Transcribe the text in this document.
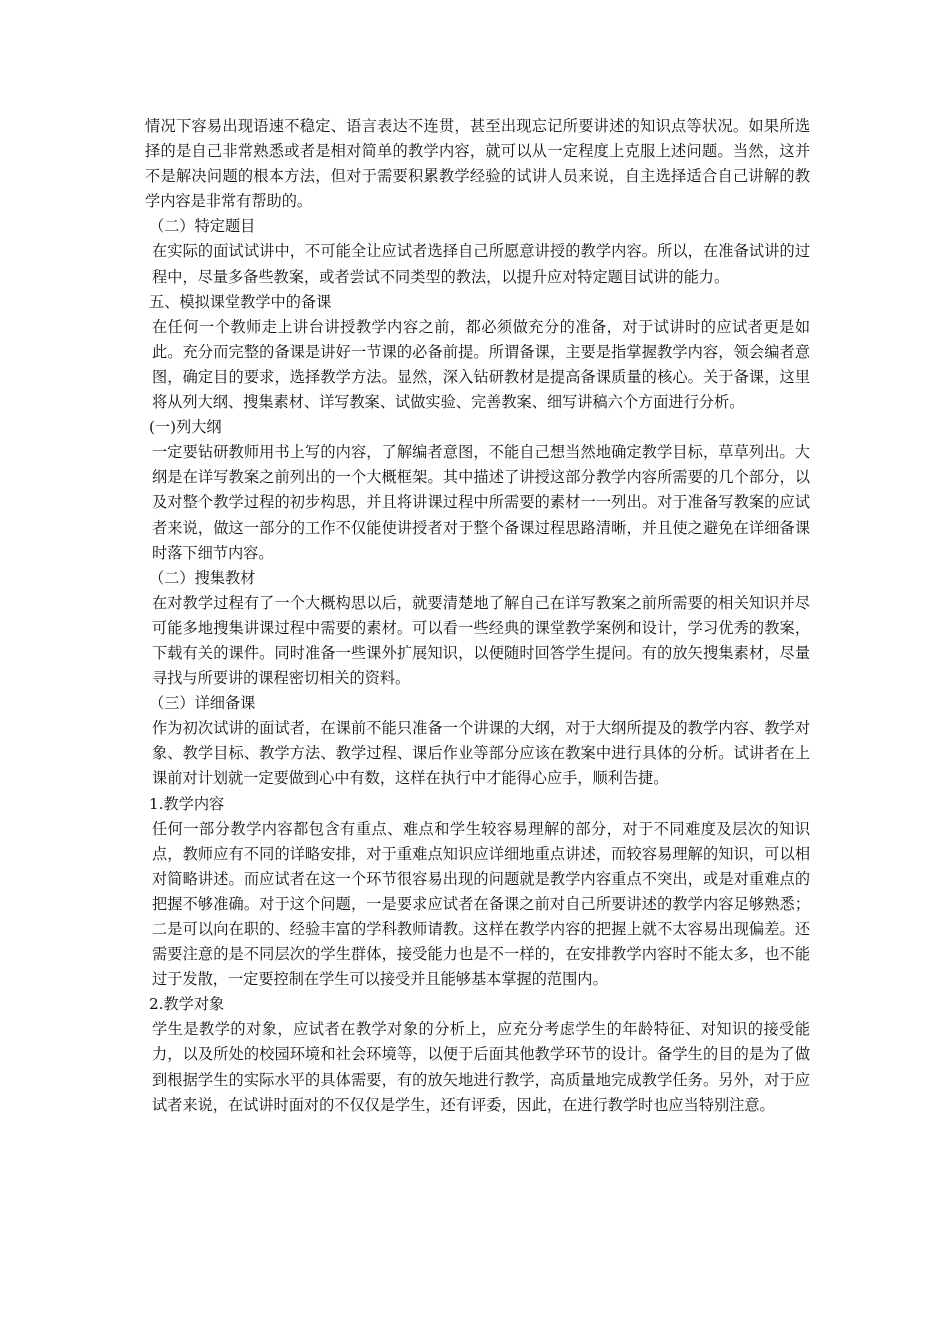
情况下容易出现语速不稳定、语言表达不连贯，甚至出现忘记所要讲述的知识点等状况。如果所选择的是自己非常熟悉或者是相对简单的教学内容，就可以从一定程度上克服上述问题。当然，这并不是解决问题的根本方法，但对于需要积累教学经验的试讲人员来说，自主选择适合自己讲解的教学内容是非常有帮助的。

（二）特定题目

在实际的面试试讲中，不可能全让应试者选择自己所愿意讲授的教学内容。所以，在准备试讲的过程中，尽量多备些教案，或者尝试不同类型的教法，以提升应对特定题目试讲的能力。

五、模拟课堂教学中的备课

在任何一个教师走上讲台讲授教学内容之前，都必须做充分的准备，对于试讲时的应试者更是如此。充分而完整的备课是讲好一节课的必备前提。所谓备课，主要是指掌握教学内容，领会编者意图，确定目的要求，选择教学方法。显然，深入钻研教材是提高备课质量的核心。关于备课，这里将从列大纲、搜集素材、详写教案、试做实验、完善教案、细写讲稿六个方面进行分析。

(一)列大纲

一定要钻研教师用书上写的内容，了解编者意图，不能自己想当然地确定教学目标，草草列出。大纲是在详写教案之前列出的一个大概框架。其中描述了讲授这部分教学内容所需要的几个部分，以及对整个教学过程的初步构思，并且将讲课过程中所需要的素材一一列出。对于准备写教案的应试者来说，做这一部分的工作不仅能使讲授者对于整个备课过程思路清晰，并且使之避免在详细备课时落下细节内容。

（二）搜集教材

在对教学过程有了一个大概构思以后，就要清楚地了解自己在详写教案之前所需要的相关知识并尽可能多地搜集讲课过程中需要的素材。可以看一些经典的课堂教学案例和设计，学习优秀的教案，下载有关的课件。同时准备一些课外扩展知识，以便随时回答学生提问。有的放矢搜集素材，尽量寻找与所要讲的课程密切相关的资料。

（三）详细备课

作为初次试讲的面试者，在课前不能只准备一个讲课的大纲，对于大纲所提及的教学内容、教学对象、教学目标、教学方法、教学过程、课后作业等部分应该在教案中进行具体的分析。试讲者在上课前对计划就一定要做到心中有数，这样在执行中才能得心应手，顺利告捷。

1.教学内容

任何一部分教学内容都包含有重点、难点和学生较容易理解的部分，对于不同难度及层次的知识点，教师应有不同的详略安排，对于重难点知识应详细地重点讲述，而较容易理解的知识，可以相对简略讲述。而应试者在这一个环节很容易出现的问题就是教学内容重点不突出，或是对重难点的把握不够准确。对于这个问题，一是要求应试者在备课之前对自己所要讲述的教学内容足够熟悉；二是可以向在职的、经验丰富的学科教师请教。这样在教学内容的把握上就不太容易出现偏差。还需要注意的是不同层次的学生群体，接受能力也是不一样的，在安排教学内容时不能太多，也不能过于发散，一定要控制在学生可以接受并且能够基本掌握的范围内。

2.教学对象

学生是教学的对象，应试者在教学对象的分析上，应充分考虑学生的年龄特征、对知识的接受能力，以及所处的校园环境和社会环境等，以便于后面其他教学环节的设计。备学生的目的是为了做到根据学生的实际水平的具体需要，有的放矢地进行教学，高质量地完成教学任务。另外，对于应试者来说，在试讲时面对的不仅仅是学生，还有评委，因此，在进行教学时也应当特别注意。
